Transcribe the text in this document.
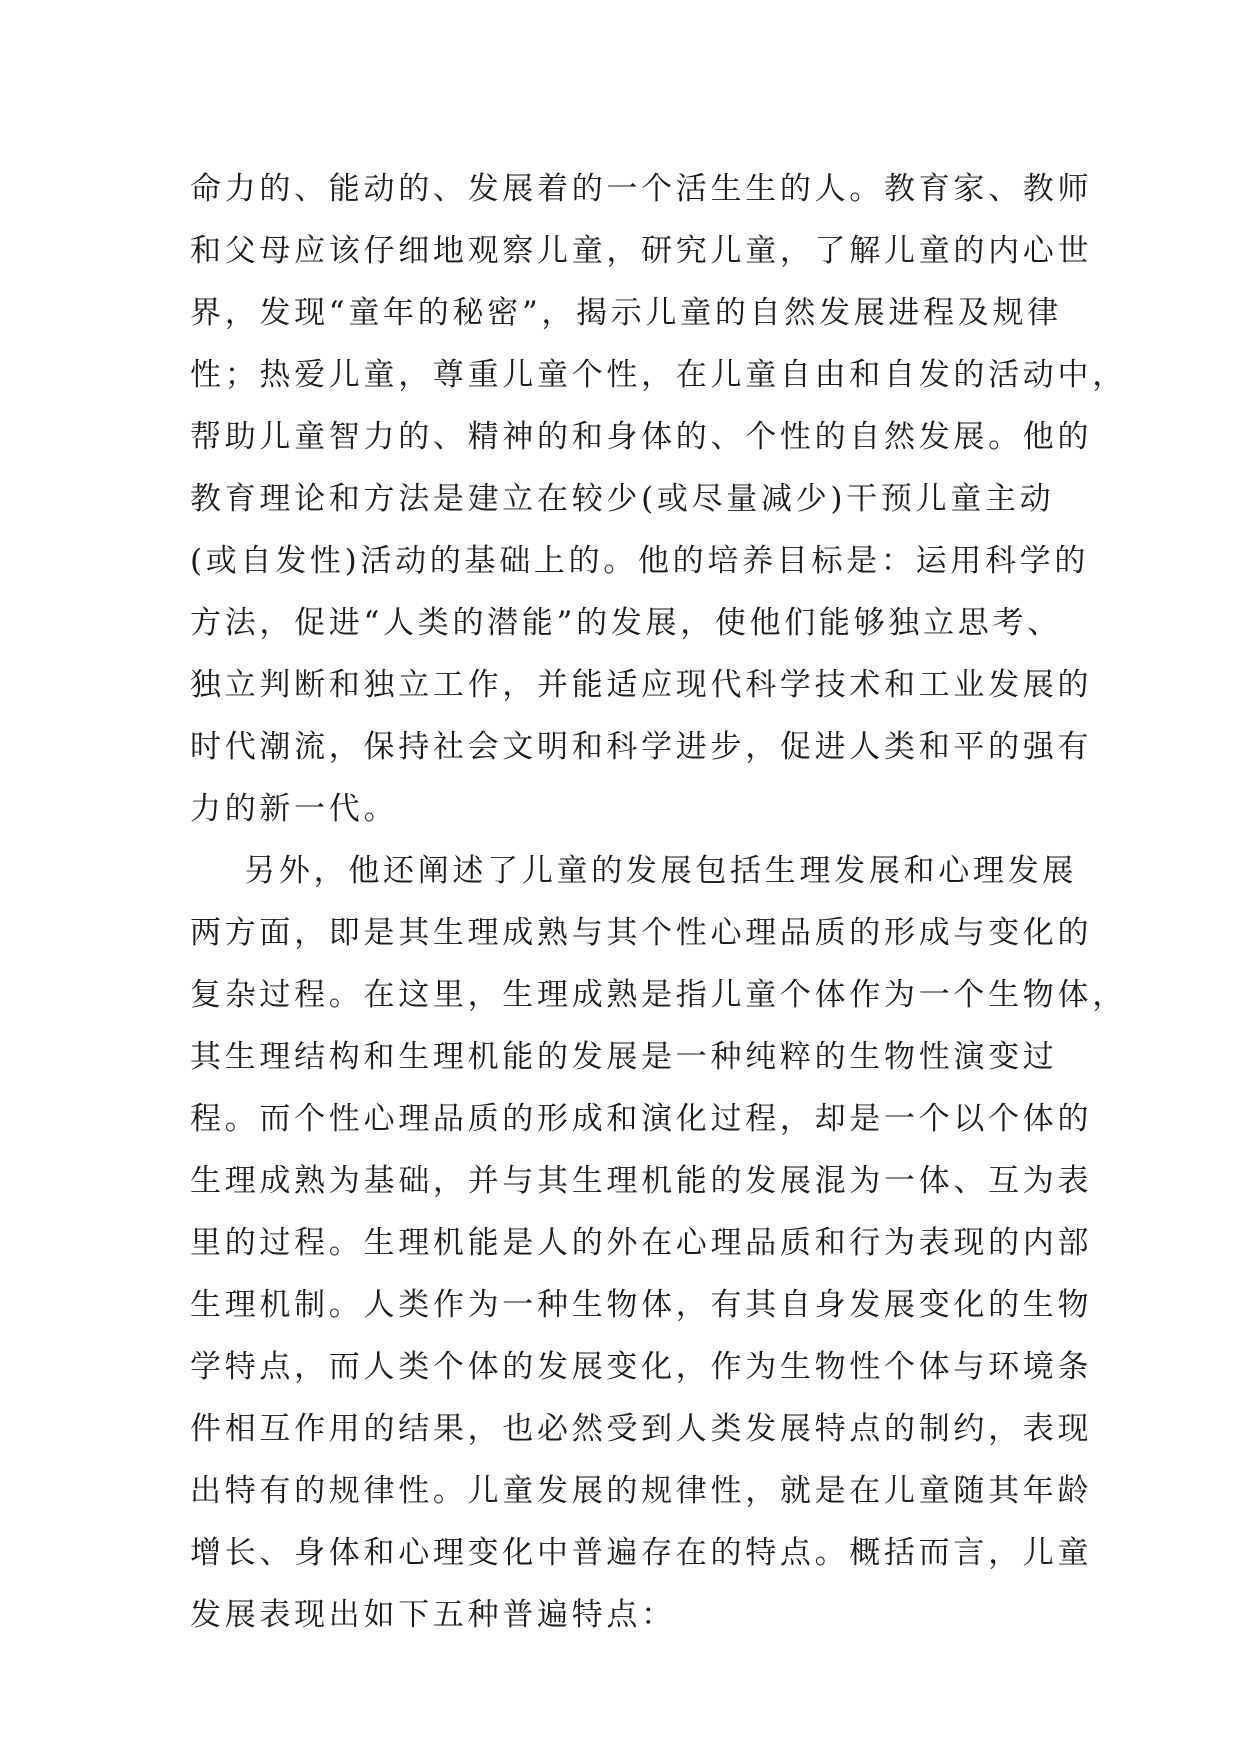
命力的、能动的、发展着的一个活生生的人。教育家、教师
和父母应该仔细地观察儿童，研究儿童，了解儿童的内心世
界，发现“童年的秘密”，揭示儿童的自然发展进程及规律
性；热爱儿童，尊重儿童个性，在儿童自由和自发的活动中，
帮助儿童智力的、精神的和身体的、个性的自然发展。他的
教育理论和方法是建立在较少(或尽量减少)干预儿童主动
(或自发性)活动的基础上的。他的培养目标是：运用科学的
方法，促进“人类的潜能”的发展，使他们能够独立思考、
独立判断和独立工作，并能适应现代科学技术和工业发展的
时代潮流，保持社会文明和科学进步，促进人类和平的强有
力的新一代。
另外，他还阐述了儿童的发展包括生理发展和心理发展
两方面，即是其生理成熟与其个性心理品质的形成与变化的
复杂过程。在这里，生理成熟是指儿童个体作为一个生物体，
其生理结构和生理机能的发展是一种纯粹的生物性演变过
程。而个性心理品质的形成和演化过程，却是一个以个体的
生理成熟为基础，并与其生理机能的发展混为一体、互为表
里的过程。生理机能是人的外在心理品质和行为表现的内部
生理机制。人类作为一种生物体，有其自身发展变化的生物
学特点，而人类个体的发展变化，作为生物性个体与环境条
件相互作用的结果，也必然受到人类发展特点的制约，表现
出特有的规律性。儿童发展的规律性，就是在儿童随其年龄
增长、身体和心理变化中普遍存在的特点。概括而言，儿童
发展表现出如下五种普遍特点：
